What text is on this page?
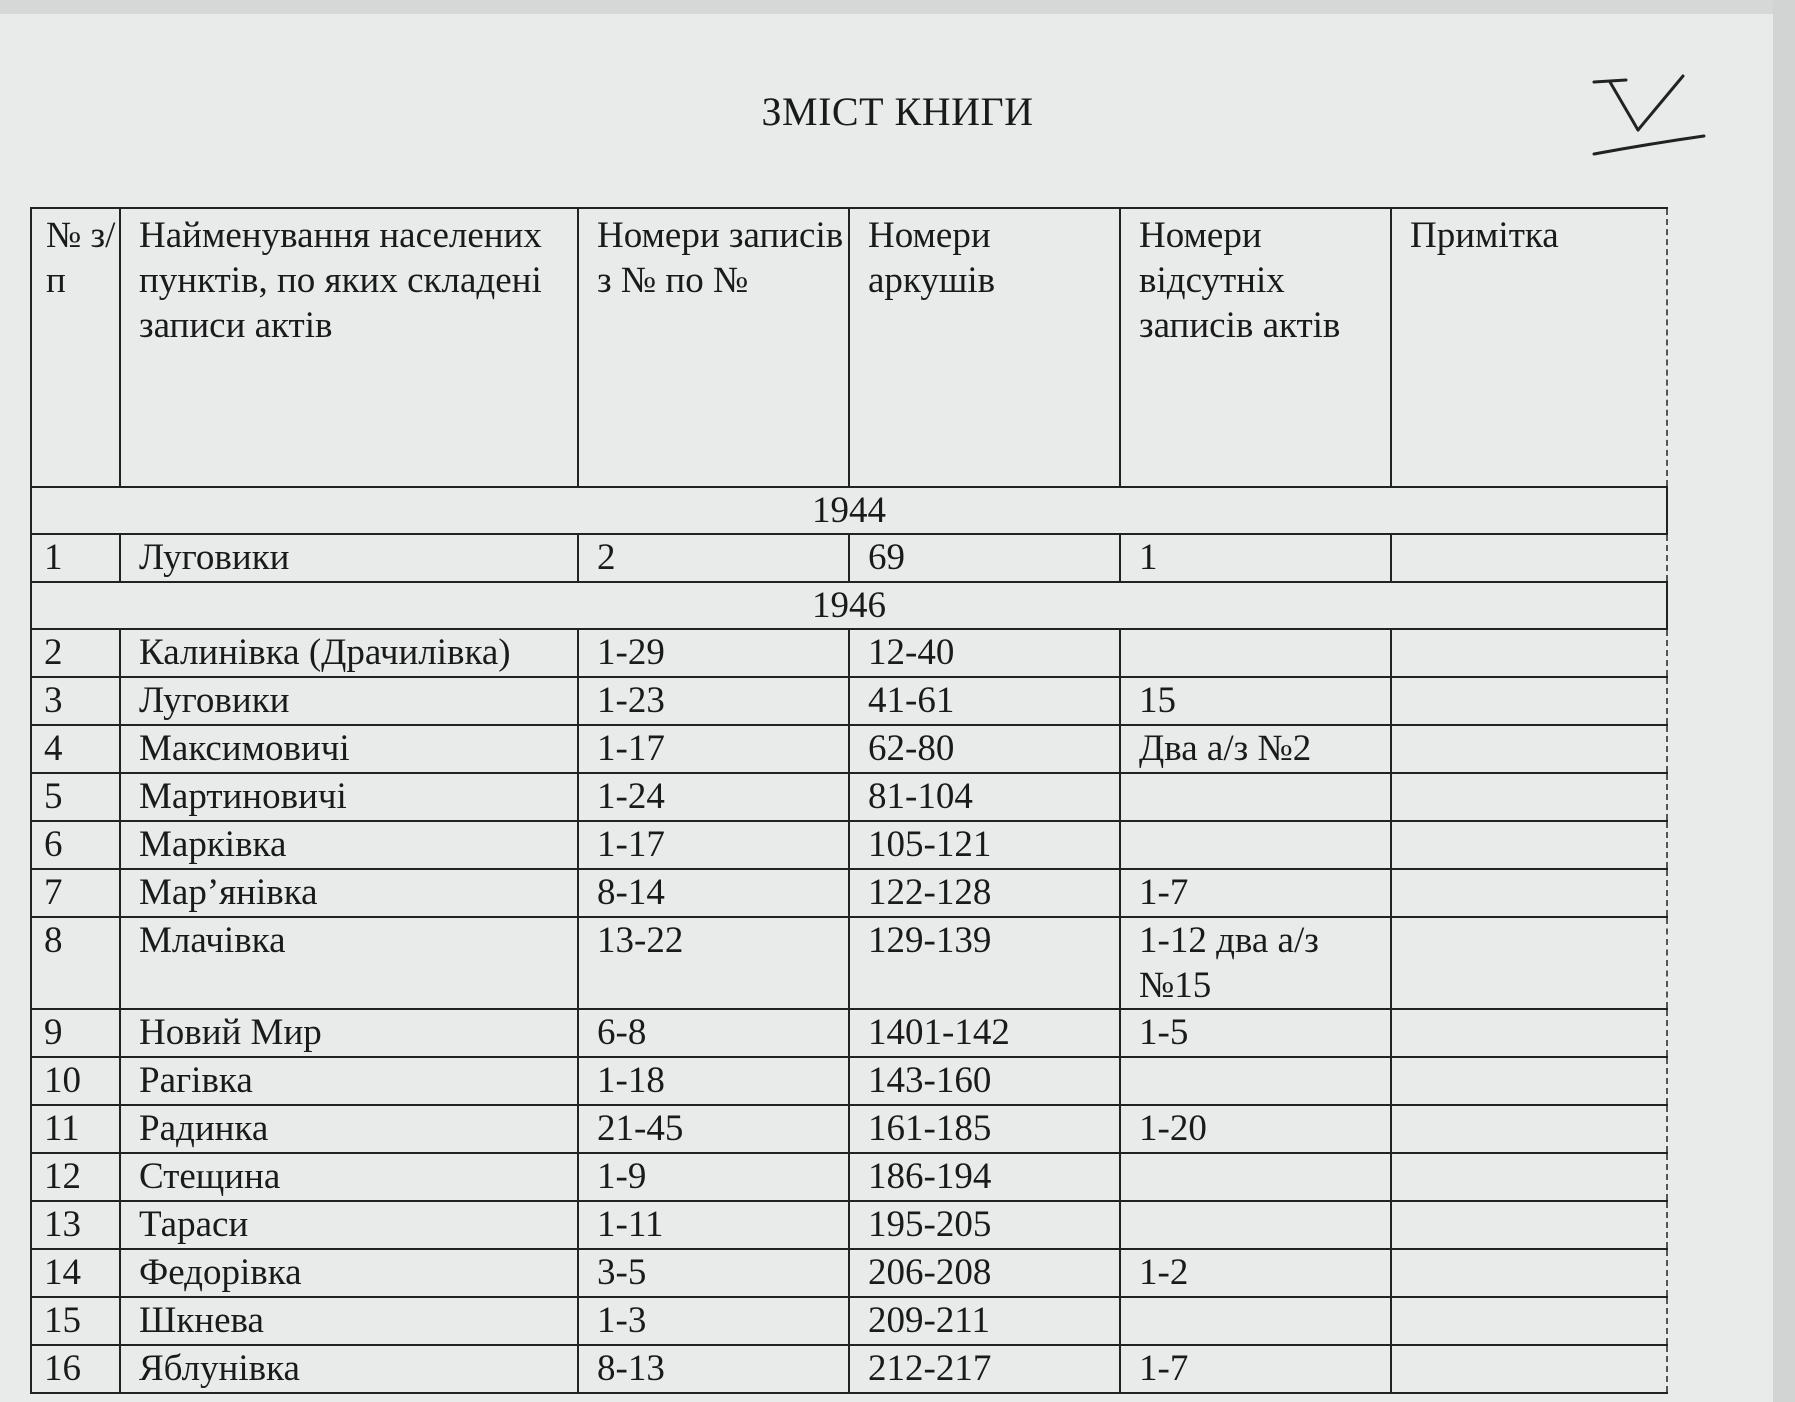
ЗМІСТ КНИГИ
№ з/п	Найменування населених пунктів, по яких складені записи актів	Номери записів з № по №	Номери аркушів	Номери відсутніх записів актів	Примітка
1944					
1	Луговики	2	69	1	
1946					
2	Калинівка (Драчилівка)	1-29	12-40		
3	Луговики	1-23	41-61	15	
4	Максимовичі	1-17	62-80	Два а/з №2	
5	Мартиновичі	1-24	81-104		
6	Марківка	1-17	105-121		
7	Мар’янівка	8-14	122-128	1-7	
8	Млачівка	13-22	129-139	1-12 два а/з №15	
9	Новий Мир	6-8	1401-142	1-5	
10	Рагівка	1-18	143-160		
11	Радинка	21-45	161-185	1-20	
12	Стещина	1-9	186-194		
13	Тараси	1-11	195-205		
14	Федорівка	3-5	206-208	1-2	
15	Шкнева	1-3	209-211		
16	Яблунівка	8-13	212-217	1-7	
